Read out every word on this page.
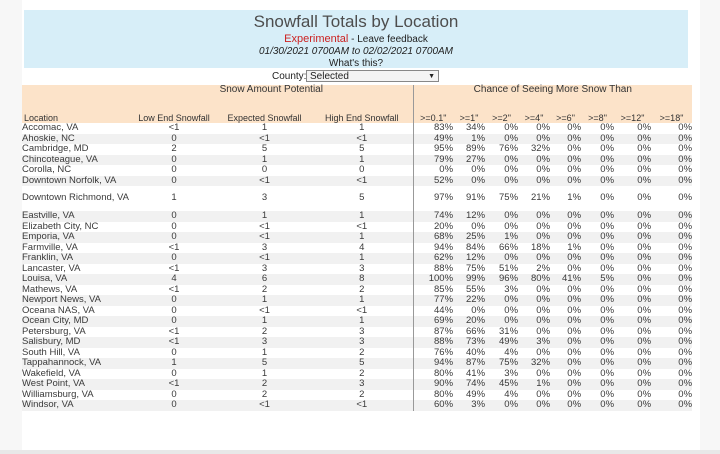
Snowfall Totals by Location
Experimental - Leave feedback
01/30/2021 0700AM to 02/02/2021 0700AM
What's this?
County: Selected	▼
	Snow Amount Potential			Chance of Seeing More Snow Than							
Location	Low End Snowfall	Expected Snowfall	High End Snowfall	>=0.1"	>=1"	>=2"	>=4"	>=6"	>=8"	>=12"	>=18"
Accomac, VA	<1	1	1	83%	34%	0%	0%	0%	0%	0%	0%
Ahoskie, NC	0	<1	<1	49%	1%	0%	0%	0%	0%	0%	0%
Cambridge, MD	2	5	5	95%	89%	76%	32%	0%	0%	0%	0%
Chincoteague, VA	0	1	1	79%	27%	0%	0%	0%	0%	0%	0%
Corolla, NC	0	0	0	0%	0%	0%	0%	0%	0%	0%	0%
Downtown Norfolk, VA	0	<1	<1	52%	0%	0%	0%	0%	0%	0%	0%
Downtown Richmond, VA	1	3	5	97%	91%	75%	21%	1%	0%	0%	0%
Eastville, VA	0	1	1	74%	12%	0%	0%	0%	0%	0%	0%
Elizabeth City, NC	0	<1	<1	20%	0%	0%	0%	0%	0%	0%	0%
Emporia, VA	0	<1	1	68%	25%	1%	0%	0%	0%	0%	0%
Farmville, VA	<1	3	4	94%	84%	66%	18%	1%	0%	0%	0%
Franklin, VA	0	<1	1	62%	12%	0%	0%	0%	0%	0%	0%
Lancaster, VA	<1	3	3	88%	75%	51%	2%	0%	0%	0%	0%
Louisa, VA	4	6	8	100%	99%	96%	80%	41%	5%	0%	0%
Mathews, VA	<1	2	2	85%	55%	3%	0%	0%	0%	0%	0%
Newport News, VA	0	1	1	77%	22%	0%	0%	0%	0%	0%	0%
Oceana NAS, VA	0	<1	<1	44%	0%	0%	0%	0%	0%	0%	0%
Ocean City, MD	0	1	1	69%	20%	0%	0%	0%	0%	0%	0%
Petersburg, VA	<1	2	3	87%	66%	31%	0%	0%	0%	0%	0%
Salisbury, MD	<1	3	3	88%	73%	49%	3%	0%	0%	0%	0%
South Hill, VA	0	1	2	76%	40%	4%	0%	0%	0%	0%	0%
Tappahannock, VA	1	5	5	94%	87%	75%	32%	0%	0%	0%	0%
Wakefield, VA	0	1	2	80%	41%	3%	0%	0%	0%	0%	0%
West Point, VA	<1	2	3	90%	74%	45%	1%	0%	0%	0%	0%
Williamsburg, VA	0	2	2	80%	49%	4%	0%	0%	0%	0%	0%
Windsor, VA	0	<1	<1	60%	3%	0%	0%	0%	0%	0%	0%
